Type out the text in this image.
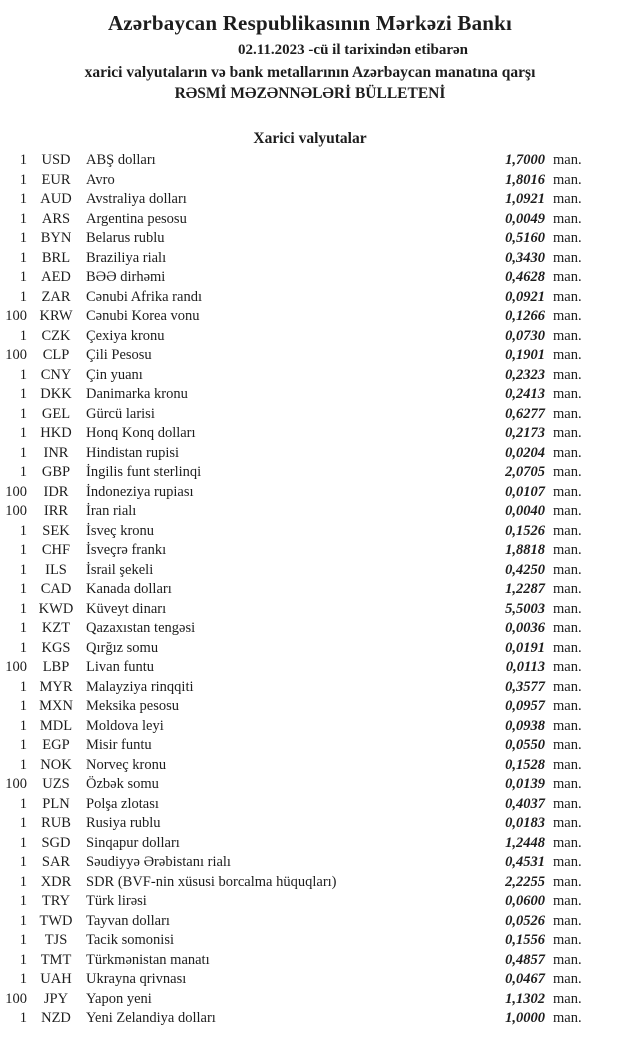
Azərbaycan Respublikasının Mərkəzi Bankı
02.11.2023 -cü il tarixindən etibarən
xarici valyutaların və bank metallarının Azərbaycan manatına qarşı
RƏSMİ MƏZƏNNƏLƏRİ BÜLLETENİ
Xarici valyutalar
1 USD	ABŞ dolları	1,7000 man.
1	EUR	Avro	1,8016 man.
1 AUD Avstraliya dolları	1,0921 man.
1	ARS	Argentina pesosu	0,0049 man.
1 BYN	Belarus rublu	0,5160 man.
1	BRL	Braziliya rialı	0,3430 man.
1 AED	BƏƏ dirhəmi	0,4628 man.
1	ZAR	Cənubi Afrika randı	0,0921 man.
100 KRW Cənubi Korea vonu	0,1266 man.
1	CZK	Çexiya kronu	0,0730 man.
100	CLP	Çili Pesosu	0,1901 man.
1 CNY	Çin yuanı	0,2323 man.
1 DKK Danimarka kronu	0,2413 man.
1	GEL	Gürcü larisi	0,6277 man.
1 HKD Honq Konq dolları	0,2173 man.
1	INR	Hindistan rupisi	0,0204 man.
1	GBP	İngilis funt sterlinqi	2,0705 man.
100	IDR	İndoneziya rupiası	0,0107 man.
100	IRR	İran rialı	0,0040 man.
1	SEK	İsveç kronu	0,1526 man.
1	CHF	İsveçrə frankı	1,8818 man.
1	ILS	İsrail şekeli	0,4250 man.
1 CAD	Kanada dolları	1,2287 man.
1 KWD Küveyt dinarı	5,5003 man.
1	KZT	Qazaxıstan tengəsi	0,0036 man.
1 KGS	Qırğız somu	0,0191 man.
100	LBP	Livan funtu	0,0113 man.
1 MYR Malayziya rinqqiti	0,3577 man.
1 MXN Meksika pesosu	0,0957 man.
1 MDL Moldova leyi	0,0938 man.
1	EGP	Misir funtu	0,0550 man.
1 NOK Norveç kronu	0,1528 man.
100	UZS	Özbək somu	0,0139 man.
1	PLN	Polşa zlotası	0,4037 man.
1 RUB	Rusiya rublu	0,0183 man.
1 SGD	Sinqapur dolları	1,2448 man.
1	SAR	Səudiyyə Ərəbistanı rialı	0,4531 man.
1 XDR	SDR (BVF-nin xüsusi borcalma hüquqları)	2,2255 man.
1	TRY	Türk lirəsi	0,0600 man.
1 TWD Tayvan dolları	0,0526 man.
1	TJS	Tacik somonisi	0,1556 man.
1 TMT	Türkmənistan manatı	0,4857 man.
1 UAH Ukrayna qrivnası	0,0467 man.
100	JPY	Yapon yeni	1,1302 man.
1 NZD	Yeni Zelandiya dolları	1,0000 man.
